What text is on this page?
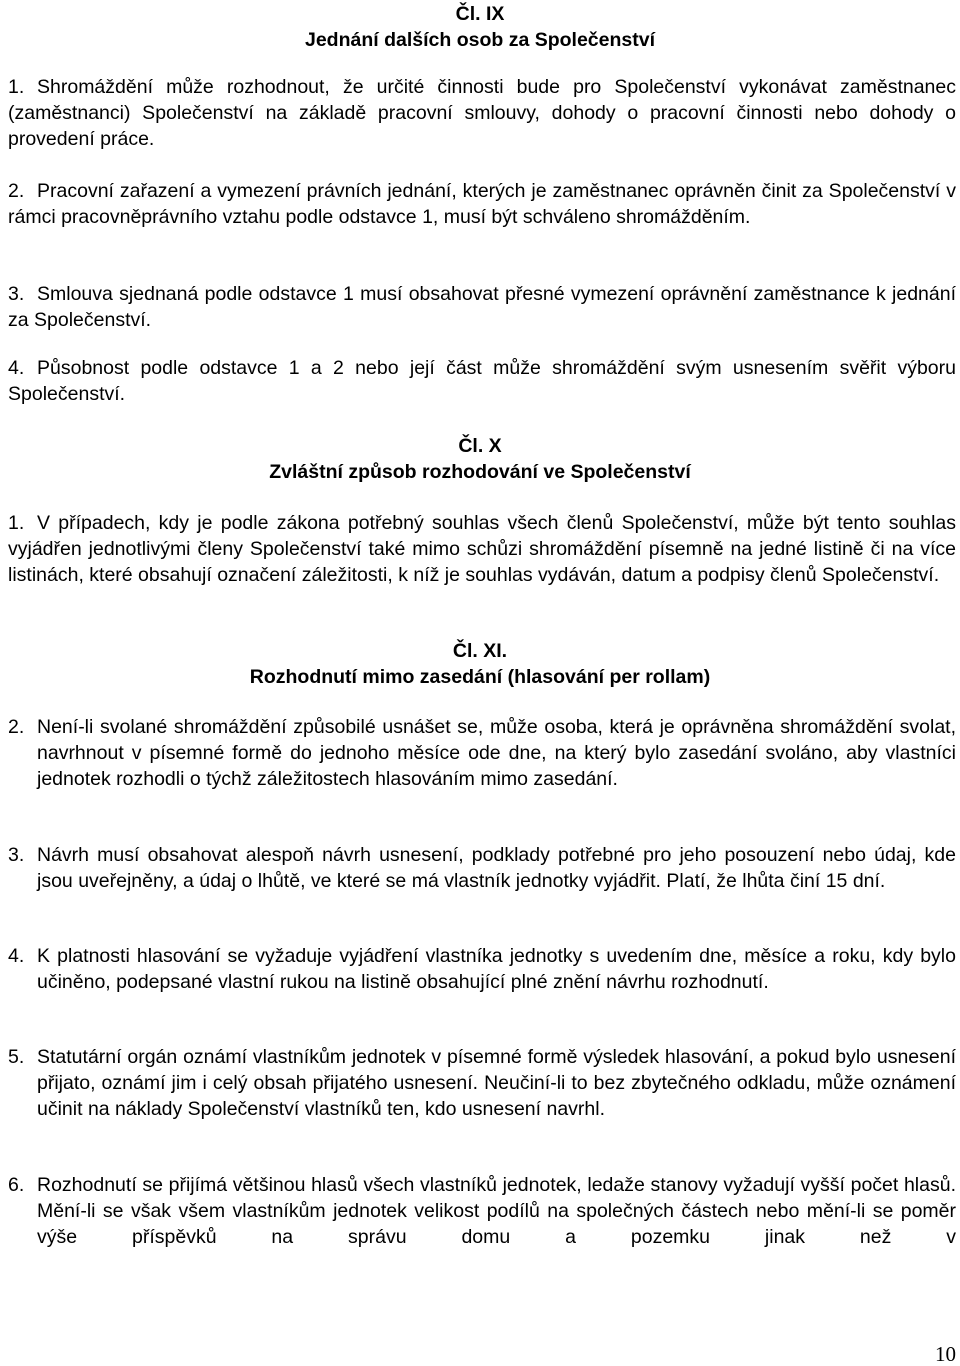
Čl. IX
Jednání dalších osob za Společenství
1. Shromáždění může rozhodnout, že určité činnosti bude pro Společenství vykonávat zaměstnanec (zaměstnanci) Společenství na základě pracovní smlouvy, dohody o pracovní činnosti nebo dohody o provedení práce.
2. Pracovní zařazení a vymezení právních jednání, kterých je zaměstnanec oprávněn činit za Společenství v rámci pracovněprávního vztahu podle odstavce 1, musí být schváleno shromážděním.
3. Smlouva sjednaná podle odstavce 1 musí obsahovat přesné vymezení oprávnění zaměstnance k jednání za Společenství.
4. Působnost podle odstavce 1 a 2 nebo její část může shromáždění svým usnesením svěřit výboru Společenství.
Čl. X
Zvláštní způsob rozhodování ve Společenství
1. V případech, kdy je podle zákona potřebný souhlas všech členů Společenství, může být tento souhlas vyjádřen jednotlivými členy Společenství také mimo schůzi shromáždění písemně na jedné listině či na více listinách, které obsahují označení záležitosti, k níž je souhlas vydáván, datum a podpisy členů Společenství.
Čl. XI.
Rozhodnutí mimo zasedání (hlasování per rollam)
2. Není-li svolané shromáždění způsobilé usnášet se, může osoba, která je oprávněna shromáždění svolat, navrhnout v písemné formě do jednoho měsíce ode dne, na který bylo zasedání svoláno, aby vlastníci jednotek rozhodli o týchž záležitostech hlasováním mimo zasedání.
3. Návrh musí obsahovat alespoň návrh usnesení, podklady potřebné pro jeho posouzení nebo údaj, kde jsou uveřejněny, a údaj o lhůtě, ve které se má vlastník jednotky vyjádřit. Platí, že lhůta činí 15 dní.
4. K platnosti hlasování se vyžaduje vyjádření vlastníka jednotky s uvedením dne, měsíce a roku, kdy bylo učiněno, podepsané vlastní rukou na listině obsahující plné znění návrhu rozhodnutí.
5. Statutární orgán oznámí vlastníkům jednotek v písemné formě výsledek hlasování, a pokud bylo usnesení přijato, oznámí jim i celý obsah přijatého usnesení. Neučiní-li to bez zbytečného odkladu, může oznámení učinit na náklady Společenství vlastníků ten, kdo usnesení navrhl.
6. Rozhodnutí se přijímá většinou hlasů všech vlastníků jednotek, ledaže stanovy vyžadují vyšší počet hlasů. Mění-li se však všem vlastníkům jednotek velikost podílů na společných částech nebo mění-li se poměr výše příspěvků na správu domu a pozemku jinak než v
10
